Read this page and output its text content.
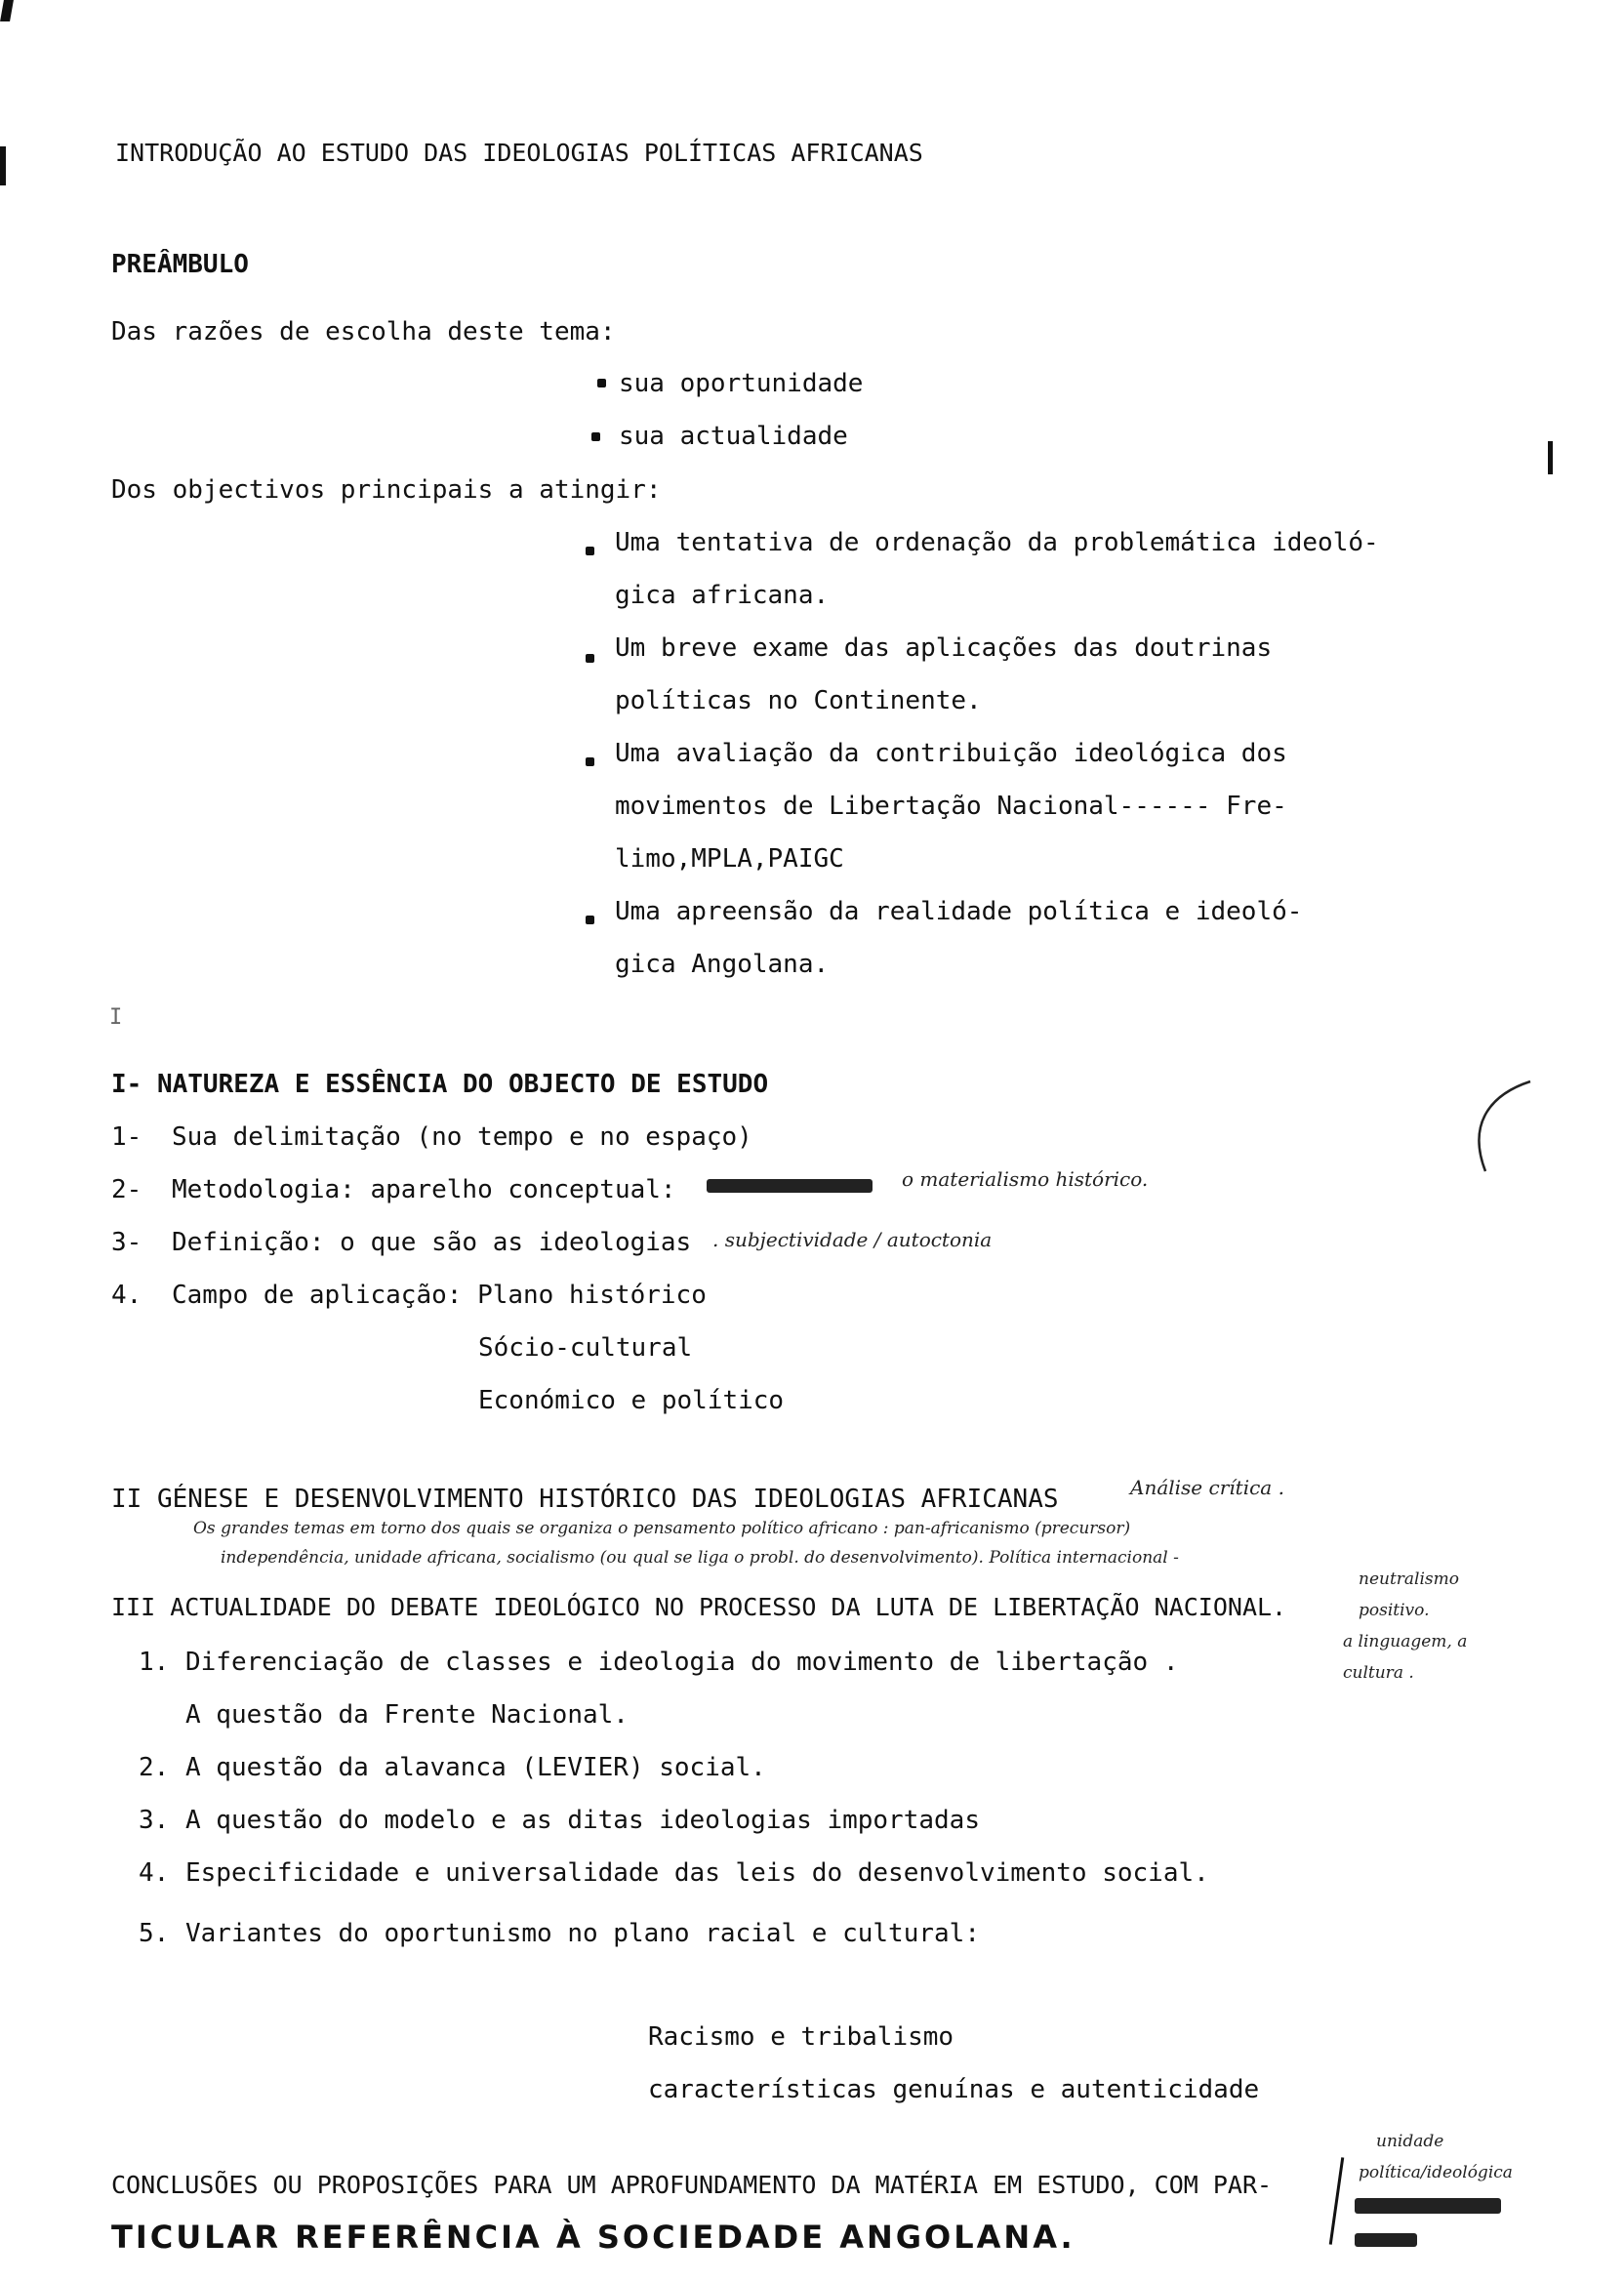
INTRODUÇÃO AO ESTUDO DAS IDEOLOGIAS POLÍTICAS AFRICANAS
PREÂMBULO
Das razões de escolha deste tema:
sua oportunidade
sua actualidade
Dos objectivos principais a atingir:
Uma tentativa de ordenação da problemática ideoló-
gica africana.
Um breve exame das aplicações das doutrinas
políticas no Continente.
Uma avaliação da contribuição ideológica dos
movimentos de Libertação Nacional------ Fre-
limo,MPLA,PAIGC
Uma apreensão da realidade política e ideoló-
gica Angolana.
I
I- NATUREZA E ESSÊNCIA DO OBJECTO DE ESTUDO
1- Sua delimitação (no tempo e no espaço)
2- Metodologia: aparelho conceptual:	o materialismo histórico.
3- Definição: o que são as ideologias . subjectividade / autoctonia
4. Campo de aplicação: Plano histórico
Sócio-cultural
Económico e político
II GÉNESE E DESENVOLVIMENTO HISTÓRICO DAS IDEOLOGIAS AFRICANAS	Análise crítica .
Os grandes temas em torno dos quais se organiza o pensamento político africano : pan-africanismo (precursor)
independência, unidade africana, socialismo (ou qual se liga o probl. do desenvolvimento). Política internacional -
III ACTUALIDADE DO DEBATE IDEOLÓGICO NO PROCESSO DA LUTA DE LIBERTAÇÃO NACIONAL.
neutralismo
positivo.
a linguagem, a
cultura .
1. Diferenciação de classes e ideologia do movimento de libertação .
A questão da Frente Nacional.
2. A questão da alavanca (LEVIER) social.
3. A questão do modelo e as ditas ideologias importadas
4. Especificidade e universalidade das leis do desenvolvimento social.
5. Variantes do oportunismo no plano racial e cultural:
Racismo e tribalismo
características genuínas e autenticidade
CONCLUSÕES OU PROPOSIÇÕES PARA UM APROFUNDAMENTO DA MATÉRIA EM ESTUDO, COM PAR-
TICULAR REFERÊNCIA À SOCIEDADE ANGOLANA.
unidade
política/ideológica
